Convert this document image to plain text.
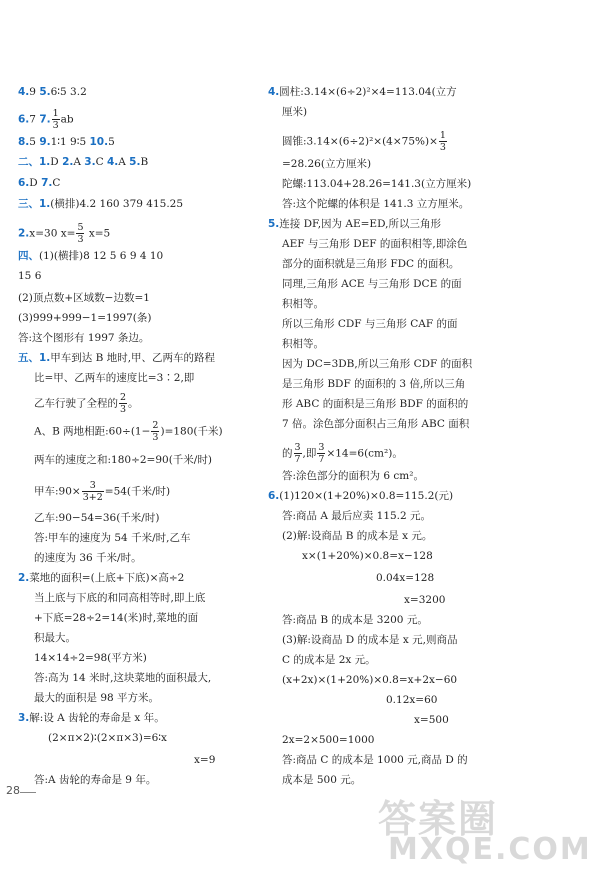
4.9 5.6∶5 3.2
6.7 7. $\frac{1}{3}$ ab
8.5 9.1∶1 9∶5 10.5
二、1.D 2.A 3.C 4.A 5.B
6.D 7.C
三、1.(横排)4.2 160 379 415.25
2.x=30 $x= \frac{5}{3} x=5$
四、(1)(横排)8 12 5 6 9 4 10
15 6
(2)顶点数+区域数−边数=1
(3)999+999−1=1997(条)
答:这个图形有 1997 条边。
五、1.甲车到达 B 地时,甲、乙两车的路程
比=甲、乙两车的速度比=3∶2,即
乙车行驶了全程的 $\frac{2}{3}$ 。
A、B 两地相距:60÷(1− $\frac{2}{3} )=180$(千米)
两车的速度之和:180÷2=90(千米/时)
甲车:90× $\frac{3}{3+2} =54$(千米/时)
乙车:90−54=36(千米/时)
答:甲车的速度为 54 千米/时,乙车
的速度为 36 千米/时。
2.菜地的面积=(上底+下底)×高÷2
当上底与下底的和同高相等时,即上底
+下底=28÷2=14(米)时,菜地的面
积最大。
14×14÷2=98(平方米)
答:高为 14 米时,这块菜地的面积最大,
最大的面积是 98 平方米。
3.解:设 A 齿轮的寿命是 x 年。
(2×π×2)∶(2×π×3)=6∶x
x=9
答:A 齿轮的寿命是 9 年。
4.圆柱:3.14×(6÷2)²×4=113.04(立方
厘米)
圆锥:3.14×(6÷2)²×(4×75%)× $\frac{1}{3}$
=28.26(立方厘米)
陀螺:113.04+28.26=141.3(立方厘米)
答:这个陀螺的体积是 141.3 立方厘米。
5.连接 DF,因为 AE=ED,所以三角形
AEF 与三角形 DEF 的面积相等,即涂色
部分的面积就是三角形 FDC 的面积。
同理,三角形 ACE 与三角形 DCE 的面
积相等。
所以三角形 CDF 与三角形 CAF 的面
积相等。
因为 DC=3DB,所以三角形 CDF 的面积
是三角形 BDF 的面积的 3 倍,所以三角
形 ABC 的面积是三角形 BDF 的面积的
7 倍。涂色部分面积占三角形 ABC 面积
的 $\frac{3}{7}$ ,即 $\frac{3}{7} \times 14=6(cm^2)$。
答:涂色部分的面积为 6 cm²。
6.(1)120×(1+20%)×0.8=115.2(元)
答:商品 A 最后应卖 115.2 元。
(2)解:设商品 B 的成本是 x 元。
x×(1+20%)×0.8=x−128
0.04x=128
x=3200
答:商品 B 的成本是 3200 元。
(3)解:设商品 D 的成本是 x 元,则商品
C 的成本是 2x 元。
(x+2x)×(1+20%)×0.8=x+2x−60
0.12x=60
x=500
2x=2×500=1000
答:商品 C 的成本是 1000 元,商品 D 的
成本是 500 元。
28
答案圈
MXQE.COM
